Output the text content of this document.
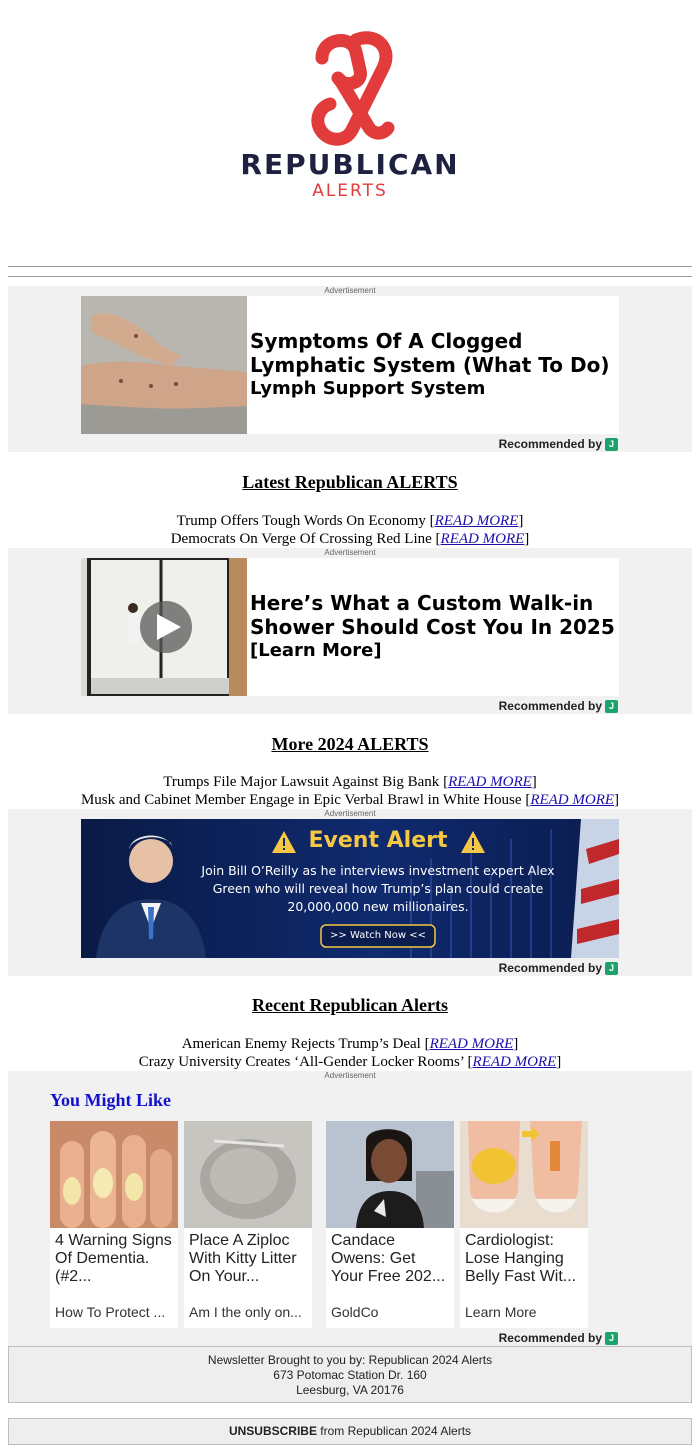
REPUBLICAN
ALERTS
Advertisement
Symptoms Of A Clogged Lymphatic System (What To Do)
Lymph Support System
Recommended by J
Latest Republican ALERTS
Trump Offers Tough Words On Economy [READ MORE]
Democrats On Verge Of Crossing Red Line [READ MORE]
Advertisement
Here’s What a Custom Walk-in Shower Should Cost You In 2025
[Learn More]
Recommended by J
More 2024 ALERTS
Trumps File Major Lawsuit Against Big Bank [READ MORE]
Musk and Cabinet Member Engage in Epic Verbal Brawl in White House [READ MORE]
Advertisement
Event Alert
Join Bill O’Reilly as he interviews investment expert Alex Green who will reveal how Trump’s plan could create 20,000,000 new millionaires.
>> Watch Now <<
Recommended by J
Recent Republican Alerts
American Enemy Rejects Trump’s Deal [READ MORE]
Crazy University Creates ‘All-Gender Locker Rooms’ [READ MORE]
Advertisement
You Might Like
4 Warning Signs Of Dementia. (#2...
How To Protect ...
Place A Ziploc With Kitty Litter On Your...
Am I the only on...
Candace Owens: Get Your Free 202...
GoldCo
Cardiologist: Lose Hanging Belly Fast Wit...
Learn More
Recommended by J
Newsletter Brought to you by: Republican 2024 Alerts
673 Potomac Station Dr. 160
Leesburg, VA 20176
UNSUBSCRIBE from Republican 2024 Alerts
